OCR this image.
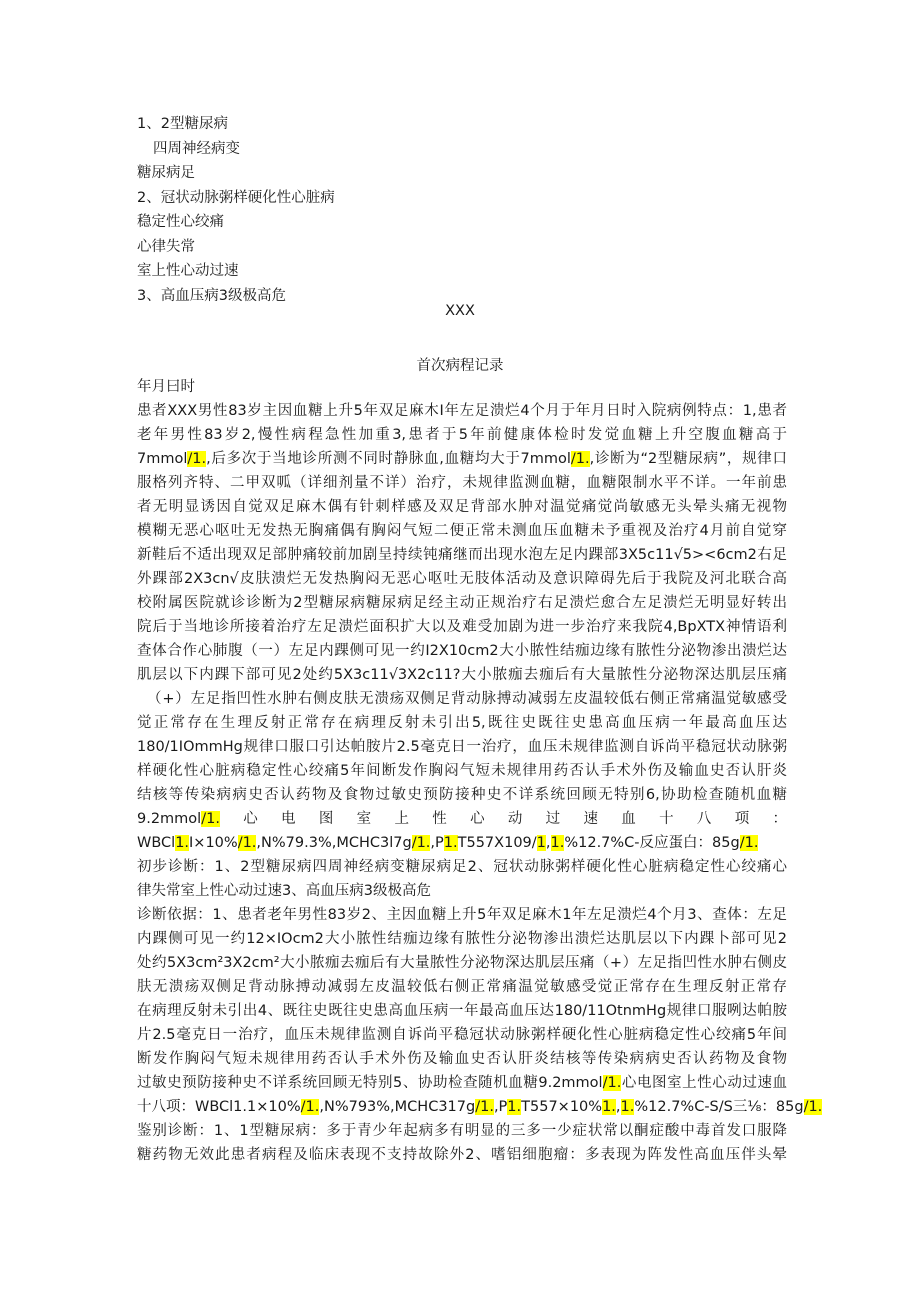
1、2型糖尿病
四周神经病变
糖尿病足
2、冠状动脉粥样硬化性心脏病
稳定性心绞痛
心律失常
室上性心动过速
3、高血压病3级极高危
XXX
首次病程记录
年月曰时
患者XXX男性83岁主因血糖上升5年双足麻木I年左足溃烂4个月于年月日时入院病例特点：1,患者
老年男性83岁2,慢性病程急性加重3,患者于5年前健康体检时发觉血糖上升空腹血糖高于
7mmol/1.,后多次于当地诊所测不同时静脉血,血糖均大于7mmol/1.,诊断为“2型糖尿病”，规律口
服格列齐特、二甲双呱（详细剂量不详）治疗，未规律监测血糖，血糖限制水平不详。一年前患
者无明显诱因自觉双足麻木偶有针刺样感及双足背部水肿对温觉痛觉尚敏感无头晕头痛无视物
模糊无恶心呕吐无发热无胸痛偶有胸闷气短二便正常未测血压血糖未予重视及治疗4月前自觉穿
新鞋后不适出现双足部肿痛较前加剧呈持续钝痛继而出现水泡左足内踝部3X5c11√5><6cm2右足
外踝部2X3cn√皮肤溃烂无发热胸闷无恶心呕吐无肢体活动及意识障碍先后于我院及河北联合高
校附属医院就诊诊断为2型糖尿病糖尿病足经主动正规治疗右足溃烂愈合左足溃烂无明显好转出
院后于当地诊所接着治疗左足溃烂面积扩大以及难受加剧为进一步治疗来我院4,BpXTX神情语利
查体合作心肺腹（一）左足内踝侧可见一约I2X10cm2大小脓性结痂边缘有脓性分泌物渗出溃烂达
肌层以下内踝下部可见2处约5X3c11√3X2c11?大小脓痂去痂后有大量脓性分泌物深达肌层压痛
（+）左足指凹性水肿右侧皮肤无溃疡双侧足背动脉搏动减弱左皮温较低右侧正常痛温觉敏感受
觉正常存在生理反射正常存在病理反射未引出5,既往史既往史患高血压病一年最高血压达
180/1IOmmHg规律口服口引达帕胺片2.5毫克日一治疗，血压未规律监测自诉尚平稳冠状动脉粥
样硬化性心脏病稳定性心绞痛5年间断发作胸闷气短未规律用药否认手术外伤及输血史否认肝炎
结核等传染病病史否认药物及食物过敏史预防接种史不详系统回顾无特别6,协助检查随机血糖
9.2mmol/1.心电图室上性心动过速血十八项：
WBCl1.I×10%/1.,N%79.3%,MCHC3l7g/1.,P1.T557X109/1,1.%12.7%C-反应蛋白：85g/1.
初步诊断：1、2型糖尿病四周神经病变糖尿病足2、冠状动脉粥样硬化性心脏病稳定性心绞痛心
律失常室上性心动过速3、高血压病3级极高危
诊断依据：1、患者老年男性83岁2、主因血糖上升5年双足麻木1年左足溃烂4个月3、查体：左足
内踝侧可见一约12×IOcm2大小脓性结痂边缘有脓性分泌物渗出溃烂达肌层以下内踝卜部可见2
处约5X3cm²3X2cm²大小脓痂去痂后有大量脓性分泌物深达肌层压痛（+）左足指凹性水肿右侧皮
肤无溃疡双侧足背动脉搏动减弱左皮温较低右侧正常痛温觉敏感受觉正常存在生理反射正常存
在病理反射未引出4、既往史既往史患高血压病一年最高血压达180/11OtnmHg规律口服咧达帕胺
片2.5毫克日一治疗，血压未规律监测自诉尚平稳冠状动脉粥样硬化性心脏病稳定性心绞痛5年间
断发作胸闷气短未规律用药否认手术外伤及输血史否认肝炎结核等传染病病史否认药物及食物
过敏史预防接种史不详系统回顾无特别5、协助检查随机血糖9.2mmol/1.心电图室上性心动过速血
十八项：WBCl1.1×10%/1.,N%793%,MCHC317g/1.,P1.T557×10%1.,1.%12.7%C-S/S三⅛：85g/1.
鉴别诊断：1、1型糖尿病：多于青少年起病多有明显的三多一少症状常以酮症酸中毒首发口服降
糖药物无效此患者病程及临床表现不支持故除外2、嗜铝细胞瘤：多表现为阵发性高血压伴头晕
